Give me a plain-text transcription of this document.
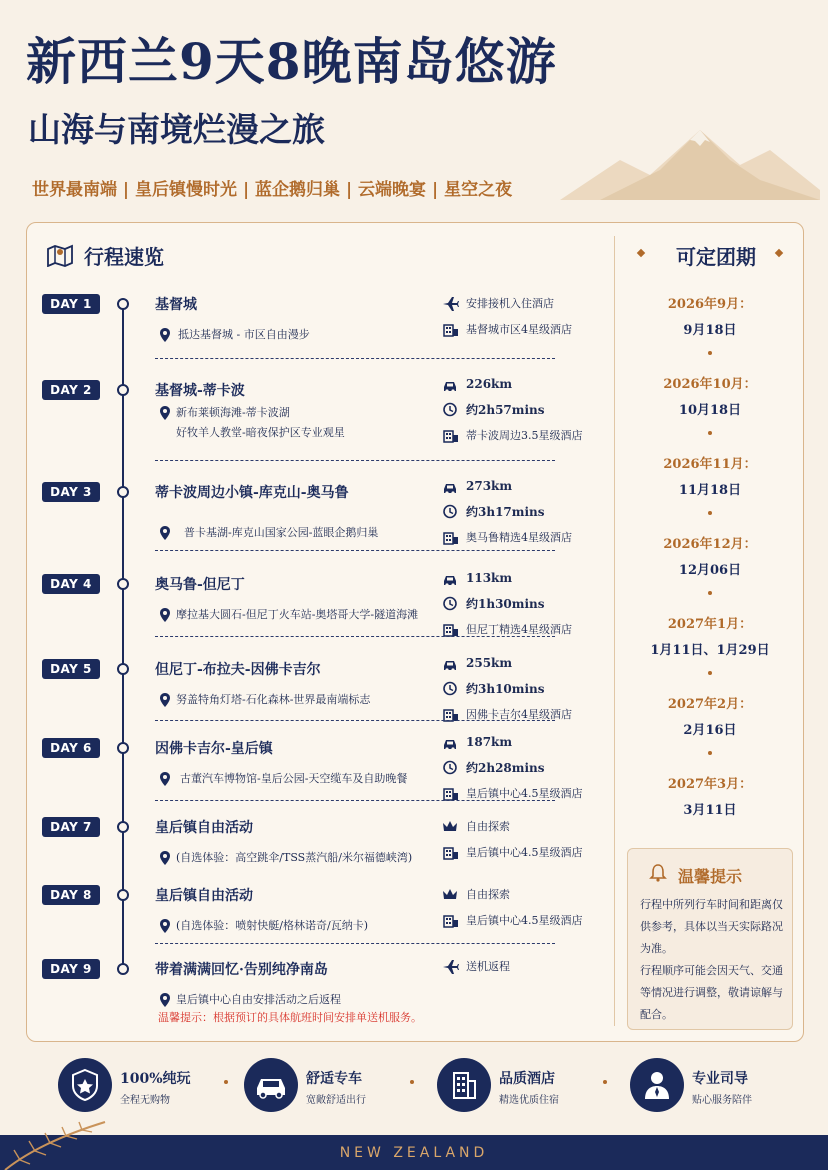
新西兰9天8晚南岛悠游
山海与南境烂漫之旅
世界最南端 | 皇后镇慢时光 | 蓝企鹅归巢 | 云端晚宴 | 星空之夜
行程速览
DAY 1	基督城
抵达基督城 - 市区自由漫步
安排接机入住酒店
基督城市区4星级酒店
DAY 2	基督城-蒂卡波
新布莱顿海滩-蒂卡波湖
好牧羊人教堂-暗夜保护区专业观星
226km
约2h57mins
蒂卡波周边3.5星级酒店
DAY 3	蒂卡波周边小镇-库克山-奥马鲁
普卡基湖-库克山国家公园-蓝眼企鹅归巢
273km
约3h17mins
奥马鲁精选4星级酒店
DAY 4	奥马鲁-但尼丁
摩拉基大圆石-但尼丁火车站-奥塔哥大学-隧道海滩
113km
约1h30mins
但尼丁精选4星级酒店
DAY 5	但尼丁-布拉夫-因佛卡吉尔
努盖特角灯塔-石化森林-世界最南端标志
255km
约3h10mins
因佛卡吉尔4星级酒店
DAY 6	因佛卡吉尔-皇后镇
古董汽车博物馆-皇后公园-天空缆车及自助晚餐
187km
约2h28mins
皇后镇中心4.5星级酒店
DAY 7	皇后镇自由活动
(自选体验：高空跳伞/TSS蒸汽船/米尔福德峡湾)
自由探索
皇后镇中心4.5星级酒店
DAY 8	皇后镇自由活动
(自选体验：喷射快艇/格林诺奇/瓦纳卡)
自由探索
皇后镇中心4.5星级酒店
DAY 9	带着满满回忆·告别纯净南岛
皇后镇中心自由安排活动之后返程
送机返程
温馨提示：根据预订的具体航班时间安排单送机服务。
可定团期
2026年9月：
9月18日
2026年10月：
10月18日
2026年11月：
11月18日
2026年12月：
12月06日
2027年1月：
1月11日、1月29日
2027年2月：
2月16日
2027年3月：
3月11日
温馨提示
行程中所列行车时间和距离仅供参考，具体以当天实际路况为准。
行程顺序可能会因天气、交通等情况进行调整，敬请谅解与配合。
100%纯玩
全程无购物
舒适专车
宽敞舒适出行
品质酒店
精选优质住宿
专业司导
贴心服务陪伴
NEW ZEALAND
